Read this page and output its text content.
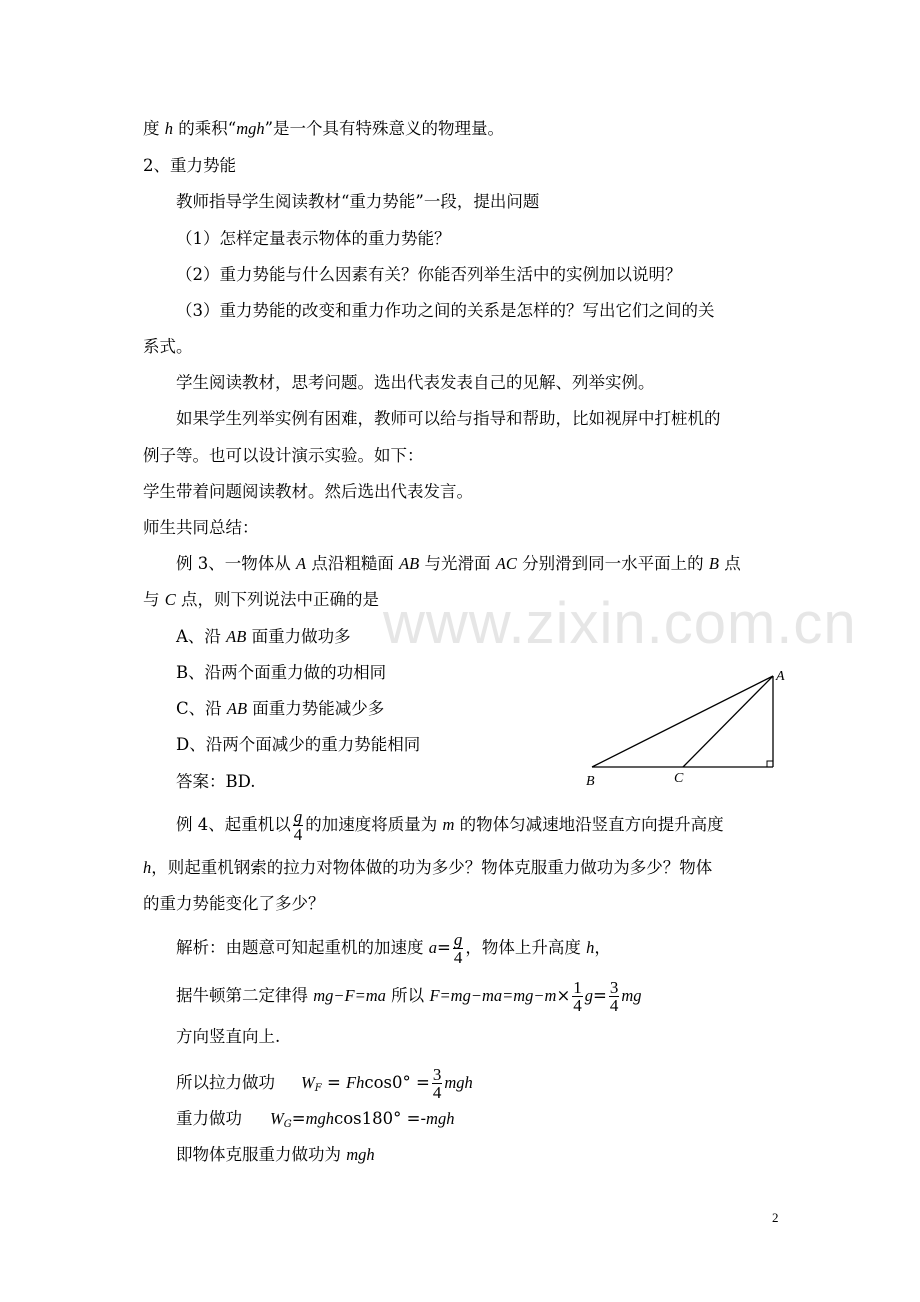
www.zixin.com.cn
度 h 的乘积“mgh”是一个具有特殊意义的物理量。
2、重力势能
教师指导学生阅读教材“重力势能”一段，提出问题
（1）怎样定量表示物体的重力势能？
（2）重力势能与什么因素有关？你能否列举生活中的实例加以说明？
（3）重力势能的改变和重力作功之间的关系是怎样的？写出它们之间的关
系式。
学生阅读教材，思考问题。选出代表发表自己的见解、列举实例。
如果学生列举实例有困难，教师可以给与指导和帮助，比如视屏中打桩机的
例子等。也可以设计演示实验。如下：
学生带着问题阅读教材。然后选出代表发言。
师生共同总结：
例 3、一物体从 A 点沿粗糙面 AB 与光滑面 AC 分别滑到同一水平面上的 B 点
与 C 点，则下列说法中正确的是
A、沿 AB 面重力做功多
B、沿两个面重力做的功相同
C、沿 AB 面重力势能减少多
D、沿两个面减少的重力势能相同
答案：BD.
A
B	C
例 4、起重机以 $\frac{g}{4}$ 的加速度将质量为 m 的物体匀减速地沿竖直方向提升高度
h，则起重机钢索的拉力对物体做的功为多少？物体克服重力做功为多少？物体
的重力势能变化了多少？
解析：由题意可知起重机的加速度 $a= \frac{g}{4}$ ，物体上升高度 h，
据牛顿第二定律得 mg−F=ma 所以 $F=mg-ma=mg-m\times \frac{1}{4} g= \frac{3}{4}$ mg
方向竖直向上.
所以拉力做功 $W_F = Fhcos0^\circ = \frac{3}{4}$ mgh
重力做功 $W_G=mghcos180^\circ =-mgh$
即物体克服重力做功为 mgh
2
